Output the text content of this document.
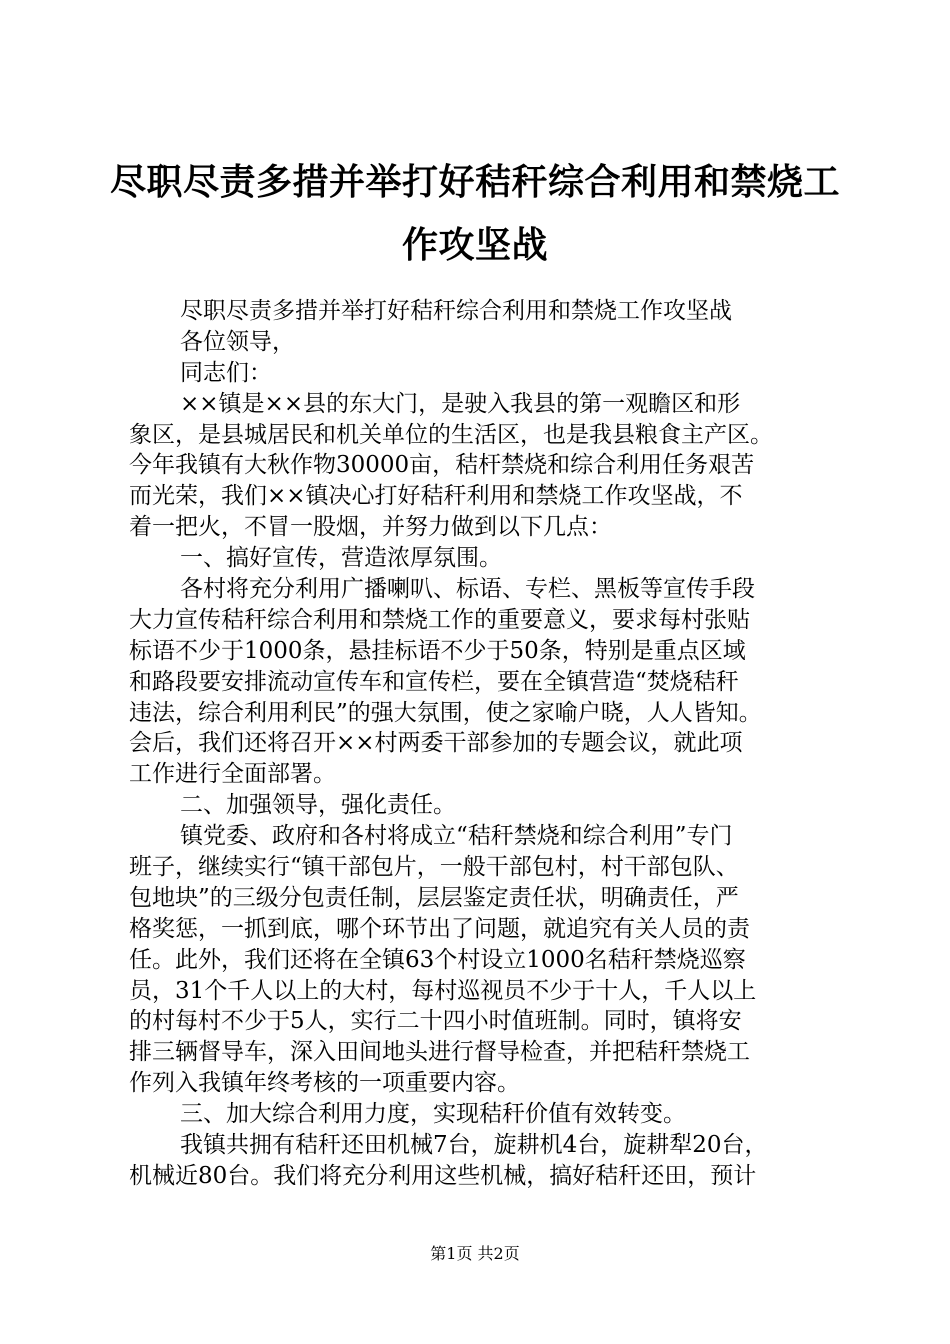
尽职尽责多措并举打好秸秆综合利用和禁烧工
作攻坚战
尽职尽责多措并举打好秸秆综合利用和禁烧工作攻坚战
各位领导，
同志们：
××镇是××县的东大门，是驶入我县的第一观瞻区和形
象区，是县城居民和机关单位的生活区，也是我县粮食主产区。
今年我镇有大秋作物30000亩，秸杆禁烧和综合利用任务艰苦
而光荣，我们××镇决心打好秸秆利用和禁烧工作攻坚战，不
着一把火，不冒一股烟，并努力做到以下几点：
一、搞好宣传，营造浓厚氛围。
各村将充分利用广播喇叭、标语、专栏、黑板等宣传手段
大力宣传秸秆综合利用和禁烧工作的重要意义，要求每村张贴
标语不少于1000条，悬挂标语不少于50条，特别是重点区域
和路段要安排流动宣传车和宣传栏，要在全镇营造“焚烧秸秆
违法，综合利用利民”的强大氛围，使之家喻户晓，人人皆知。
会后，我们还将召开××村两委干部参加的专题会议，就此项
工作进行全面部署。
二、加强领导，强化责任。
镇党委、政府和各村将成立“秸秆禁烧和综合利用”专门
班子，继续实行“镇干部包片，一般干部包村，村干部包队、
包地块”的三级分包责任制，层层鉴定责任状，明确责任，严
格奖惩，一抓到底，哪个环节出了问题，就追究有关人员的责
任。此外，我们还将在全镇63个村设立1000名秸秆禁烧巡察
员，31个千人以上的大村，每村巡视员不少于十人，千人以上
的村每村不少于5人，实行二十四小时值班制。同时，镇将安
排三辆督导车，深入田间地头进行督导检查，并把秸秆禁烧工
作列入我镇年终考核的一项重要内容。
三、加大综合利用力度，实现秸秆价值有效转变。
我镇共拥有秸秆还田机械7台，旋耕机4台，旋耕犁20台，
机械近80台。我们将充分利用这些机械，搞好秸秆还田，预计
第1页 共2页
